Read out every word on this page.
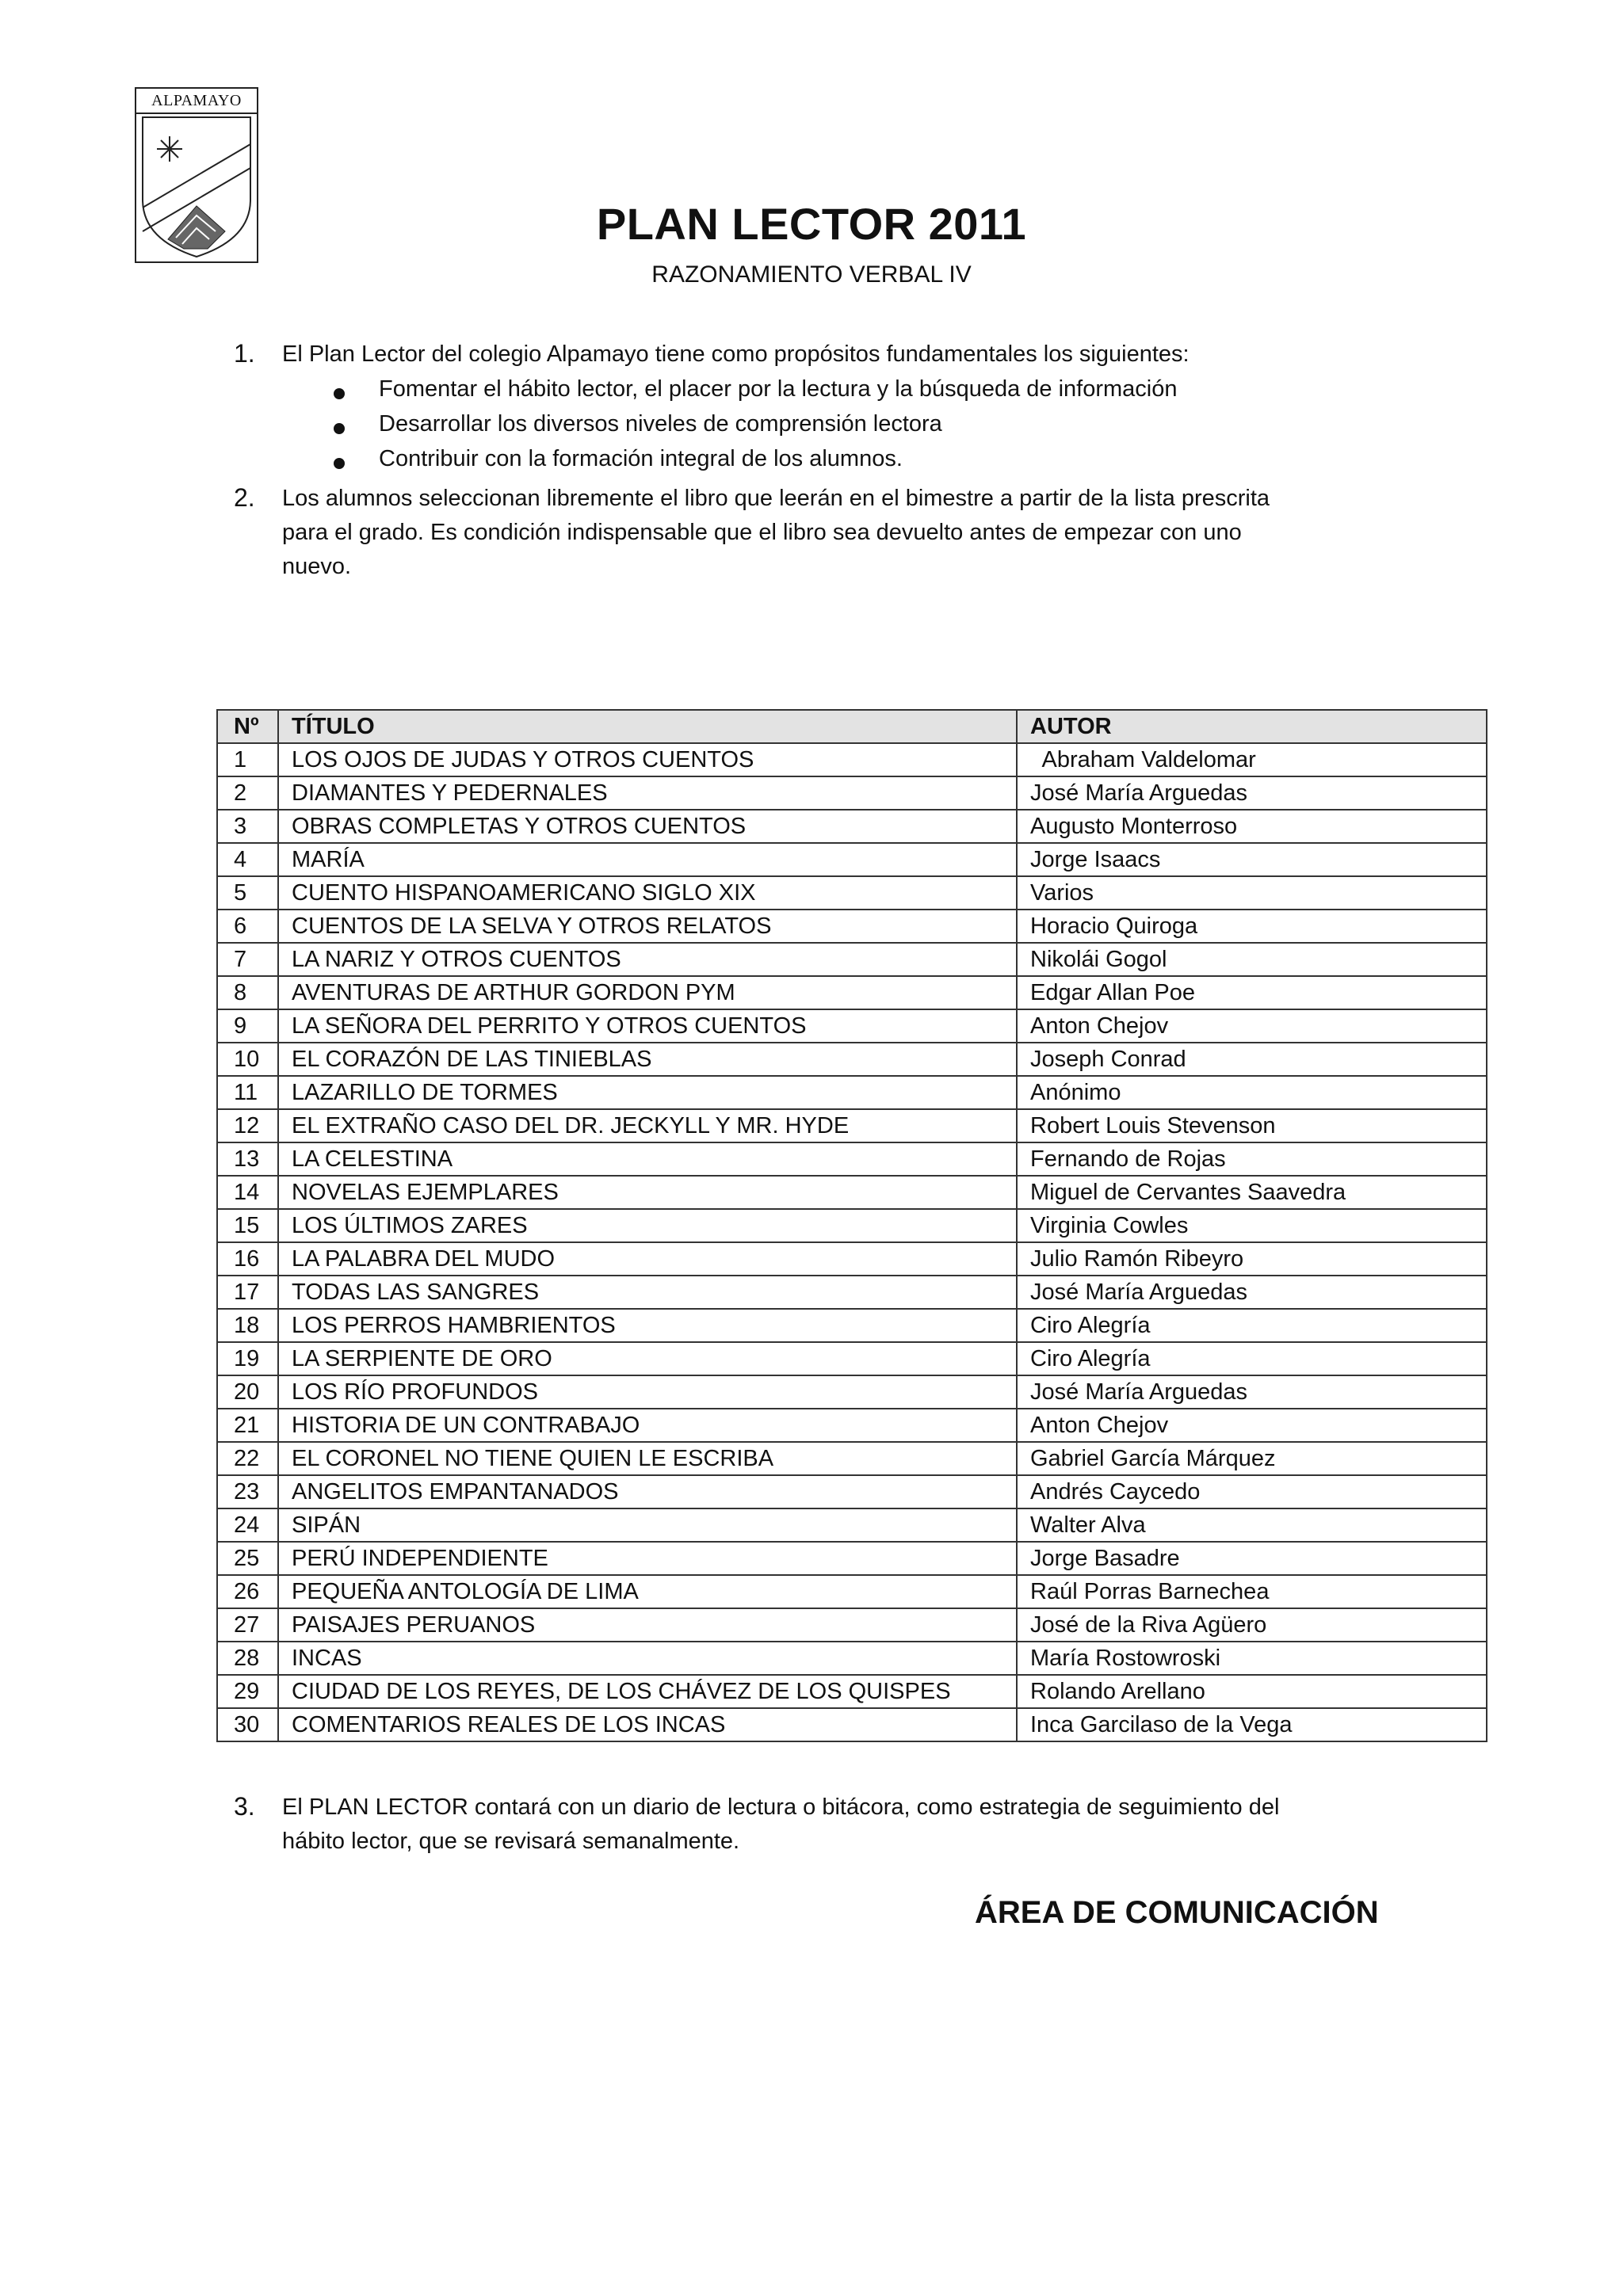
ALPAMAYO
PLAN LECTOR 2011
RAZONAMIENTO VERBAL IV
1. El Plan Lector del colegio Alpamayo tiene como propósitos fundamentales los siguientes:
Fomentar el hábito lector, el placer por la lectura y la búsqueda de información
Desarrollar los diversos niveles de comprensión lectora
Contribuir con la formación integral de los alumnos.
2. Los alumnos seleccionan libremente el libro que leerán en el bimestre a partir de la lista prescrita
para el grado. Es condición indispensable que el libro sea devuelto antes de empezar con uno
nuevo.
Nº	TÍTULO	AUTOR
1	LOS OJOS DE JUDAS Y OTROS CUENTOS	Abraham Valdelomar
2	DIAMANTES Y PEDERNALES	José María Arguedas
3	OBRAS COMPLETAS Y OTROS CUENTOS	Augusto Monterroso
4	MARÍA	Jorge Isaacs
5	CUENTO HISPANOAMERICANO SIGLO XIX	Varios
6	CUENTOS DE LA SELVA Y OTROS RELATOS	Horacio Quiroga
7	LA NARIZ Y OTROS CUENTOS	Nikolái Gogol
8	AVENTURAS DE ARTHUR GORDON PYM	Edgar Allan Poe
9	LA SEÑORA DEL PERRITO Y OTROS CUENTOS	Anton Chejov
10	EL CORAZÓN DE LAS TINIEBLAS	Joseph Conrad
11	LAZARILLO DE TORMES	Anónimo
12	EL EXTRAÑO CASO DEL DR. JECKYLL Y MR. HYDE	Robert Louis Stevenson
13	LA CELESTINA	Fernando de Rojas
14	NOVELAS EJEMPLARES	Miguel de Cervantes Saavedra
15	LOS ÚLTIMOS ZARES	Virginia Cowles
16	LA PALABRA DEL MUDO	Julio Ramón Ribeyro
17	TODAS LAS SANGRES	José María Arguedas
18	LOS PERROS HAMBRIENTOS	Ciro Alegría
19	LA SERPIENTE DE ORO	Ciro Alegría
20	LOS RÍO PROFUNDOS	José María Arguedas
21	HISTORIA DE UN CONTRABAJO	Anton Chejov
22	EL CORONEL NO TIENE QUIEN LE ESCRIBA	Gabriel García Márquez
23	ANGELITOS EMPANTANADOS	Andrés Caycedo
24	SIPÁN	Walter Alva
25	PERÚ INDEPENDIENTE	Jorge Basadre
26	PEQUEÑA ANTOLOGÍA DE LIMA	Raúl Porras Barnechea
27	PAISAJES PERUANOS	José de la Riva Agüero
28	INCAS	María Rostowroski
29	CIUDAD DE LOS REYES, DE LOS CHÁVEZ DE LOS QUISPES	Rolando Arellano
30	COMENTARIOS REALES DE LOS INCAS	Inca Garcilaso de la Vega
3. El PLAN LECTOR contará con un diario de lectura o bitácora, como estrategia de seguimiento del
hábito lector, que se revisará semanalmente.
ÁREA DE COMUNICACIÓN
